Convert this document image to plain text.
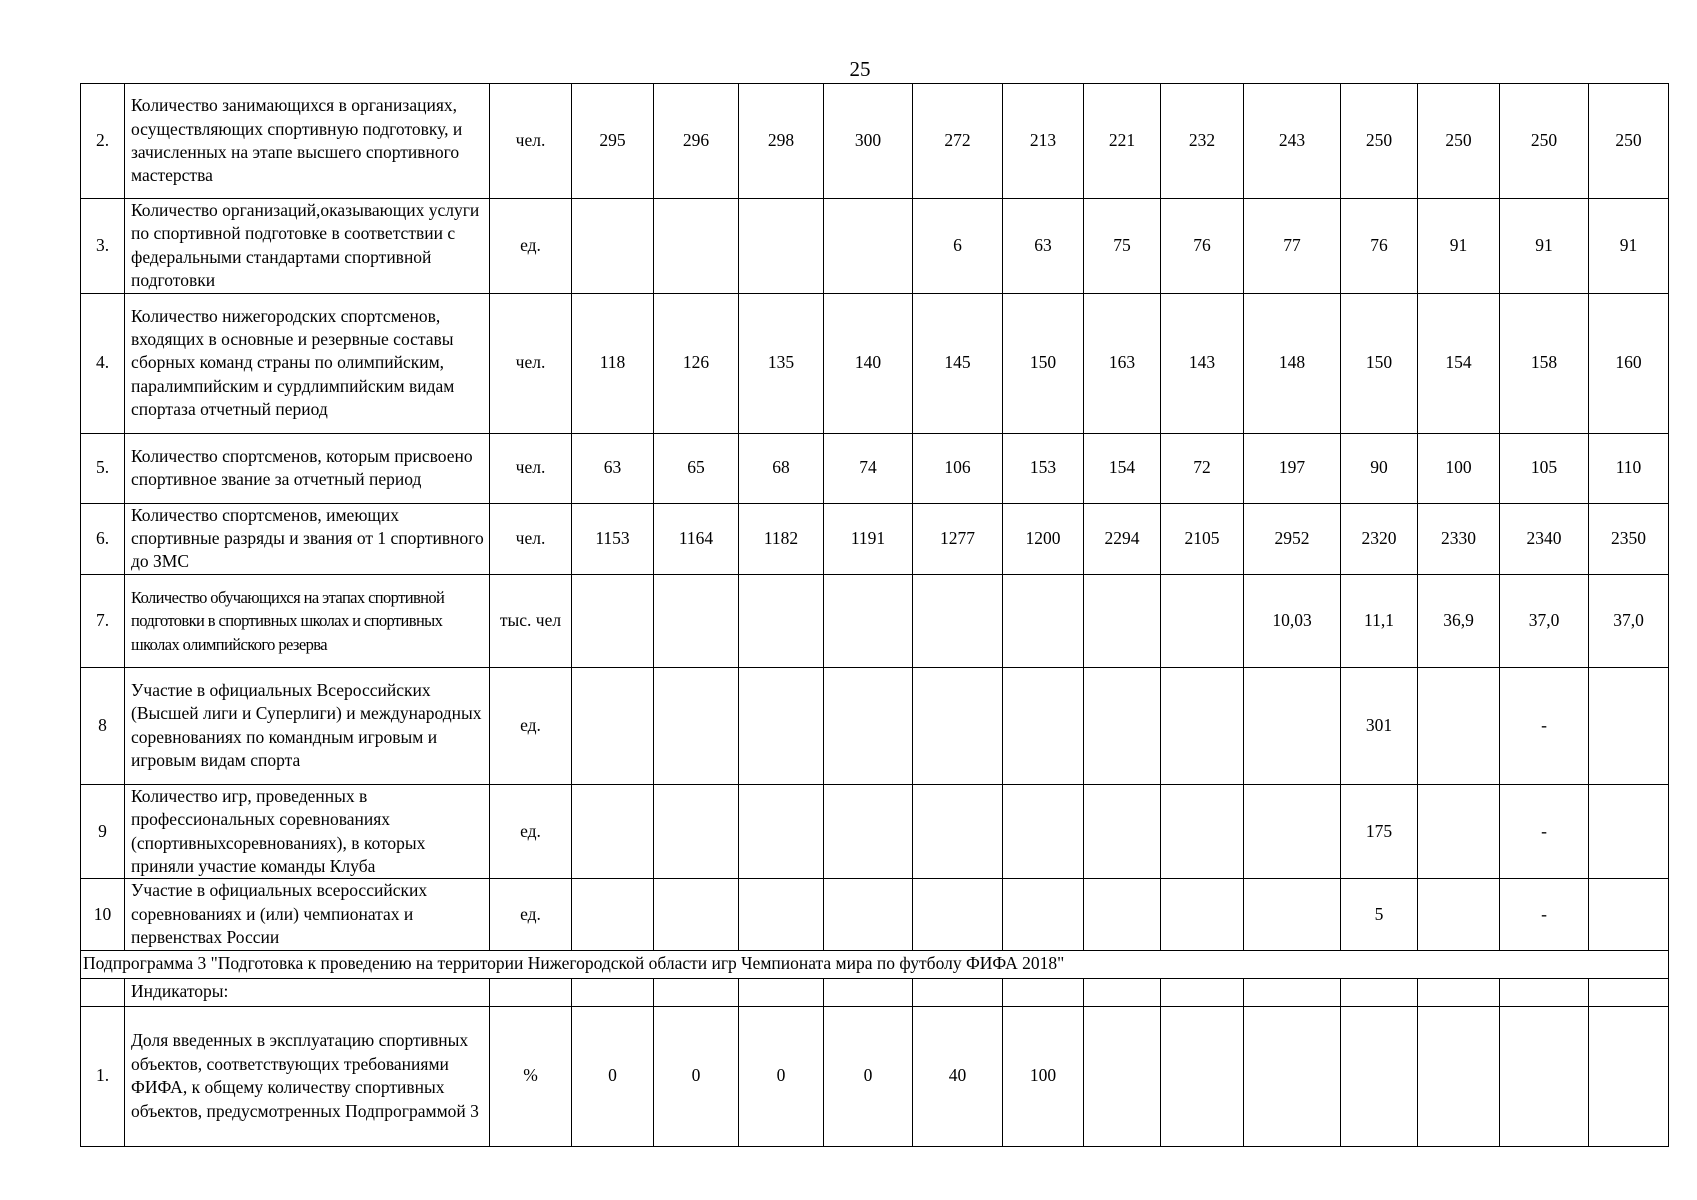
25
2.	Количество занимающихся в организациях, осуществляющих спортивную подготовку, и зачисленных на этапе высшего спортивного мастерства	чел.	295	296	298	300	272	213	221	232	243	250	250	250	250
3.	Количество организаций,оказывающих услуги по спортивной подготовке в соответствии с федеральными стандартами спортивной подготовки	ед.					6	63	75	76	77	76	91	91	91
4.	Количество нижегородских спортсменов, входящих в основные и резервные составы сборных команд страны по олимпийским, паралимпийским и сурдлимпийским видам спортаза отчетный период	чел.	118	126	135	140	145	150	163	143	148	150	154	158	160
5.	Количество спортсменов, которым присвоено спортивное звание за отчетный период	чел.	63	65	68	74	106	153	154	72	197	90	100	105	110
6.	Количество спортсменов, имеющих спортивные разряды и звания от 1 спортивного до ЗМС	чел.	1153	1164	1182	1191	1277	1200	2294	2105	2952	2320	2330	2340	2350
7.	Количество обучающихся на этапах спортивной подготовки в спортивных школах и спортивных школах олимпийского резерва	тыс. чел									10,03	11,1	36,9	37,0	37,0
8	Участие в официальных Всероссийских (Высшей лиги и Суперлиги) и международных соревнованиях по командным игровым и игровым видам спорта	ед.										301		-	
9	Количество игр, проведенных в профессиональных соревнованиях (спортивныхсоревнованиях), в которых приняли участие команды Клуба	ед.										175		-	
10	Участие в официальных всероссийских соревнованиях и (или) чемпионатах и первенствах России	ед.										5		-	
Подпрограмма 3 "Подготовка к проведению на территории Нижегородской области игр Чемпионата мира по футболу ФИФА 2018"															
	Индикаторы:														
1.	Доля введенных в эксплуатацию спортивных объектов, соответствующих требованиями ФИФА, к общему количеству спортивных объектов, предусмотренных Подпрограммой 3	%	0	0	0	0	40	100							
